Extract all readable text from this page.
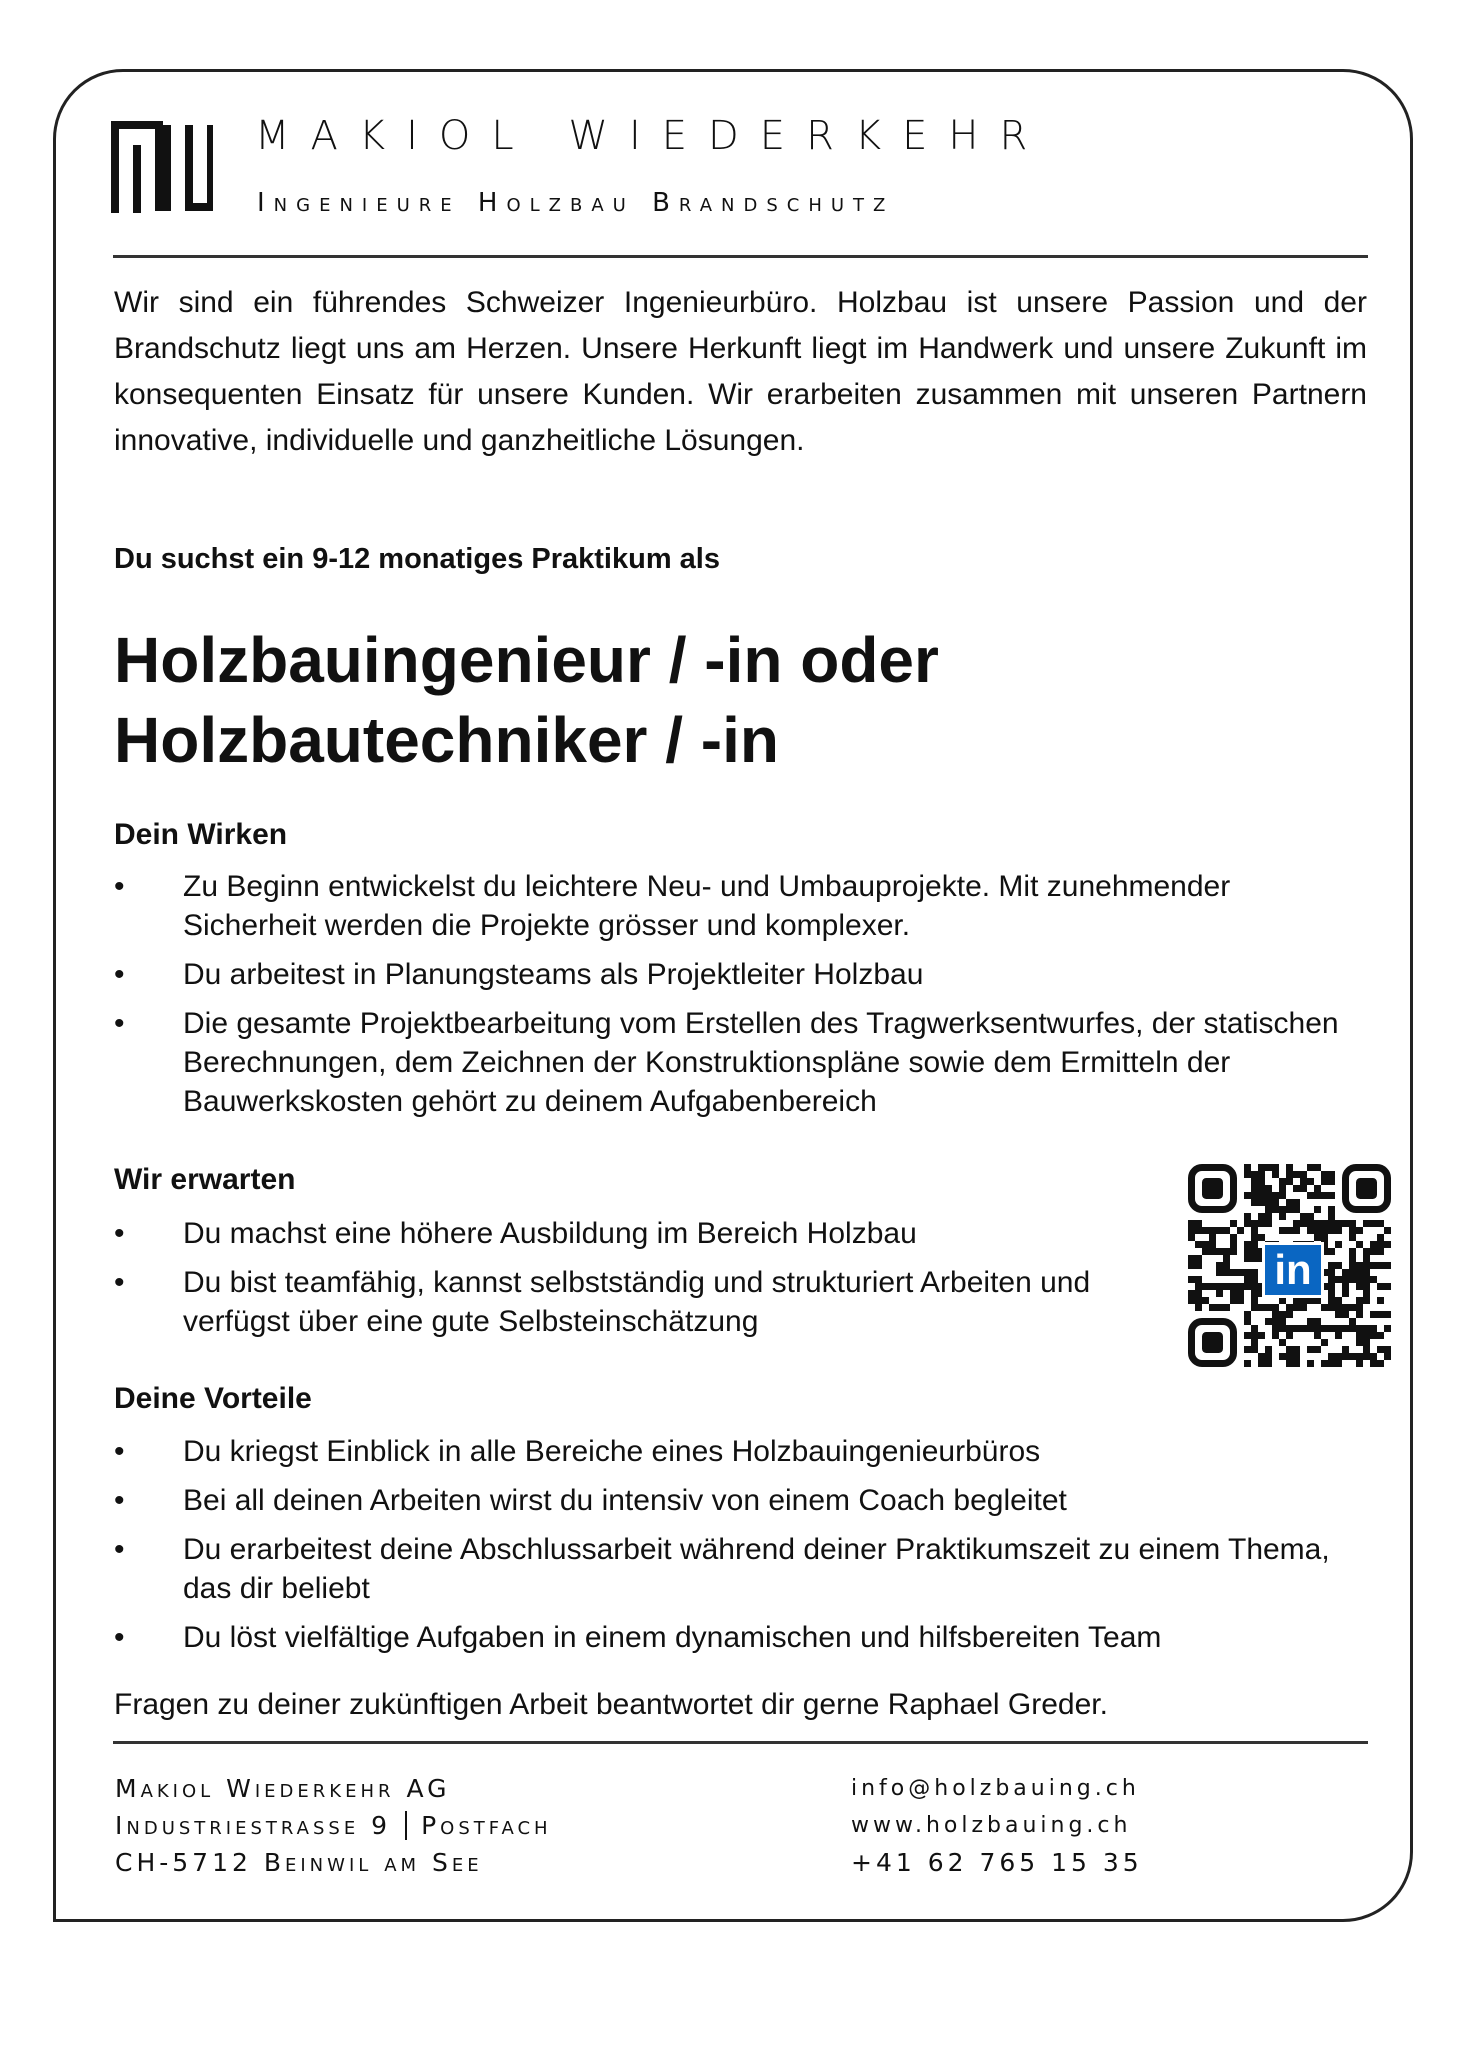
MAKIOL WIEDERKEHR
Ingenieure Holzbau Brandschutz
Wir sind ein führendes Schweizer Ingenieurbüro. Holzbau ist unsere Passion und der Brandschutz liegt uns am Herzen. Unsere Herkunft liegt im Handwerk und unsere Zukunft im konsequenten Einsatz für unsere Kunden. Wir erarbeiten zusammen mit unseren Partnern innovative, individuelle und ganzheitliche Lösungen.
Du suchst ein 9-12 monatiges Praktikum als
Holzbauingenieur / -in oder
Holzbautechniker / -in
Dein Wirken
• Zu Beginn entwickelst du leichtere Neu- und Umbauprojekte. Mit zunehmender Sicherheit werden die Projekte grösser und komplexer.
• Du arbeitest in Planungsteams als Projektleiter Holzbau
• Die gesamte Projektbearbeitung vom Erstellen des Tragwerksentwurfes, der statischen Berechnungen, dem Zeichnen der Konstruktionspläne sowie dem Ermitteln der Bauwerkskosten gehört zu deinem Aufgabenbereich
Wir erwarten
• Du machst eine höhere Ausbildung im Bereich Holzbau
• Du bist teamfähig, kannst selbstständig und strukturiert Arbeiten und verfügst über eine gute Selbsteinschätzung
in
Deine Vorteile
• Du kriegst Einblick in alle Bereiche eines Holzbauingenieurbüros
• Bei all deinen Arbeiten wirst du intensiv von einem Coach begleitet
• Du erarbeitest deine Abschlussarbeit während deiner Praktikumszeit zu einem Thema, das dir beliebt
• Du löst vielfältige Aufgaben in einem dynamischen und hilfsbereiten Team
Fragen zu deiner zukünftigen Arbeit beantwortet dir gerne Raphael Greder.
Makiol Wiederkehr AG
Industriestrasse 9 Postfach
CH-5712 Beinwil am See
info@holzbauing.ch
www.holzbauing.ch
+41 62 765 15 35
